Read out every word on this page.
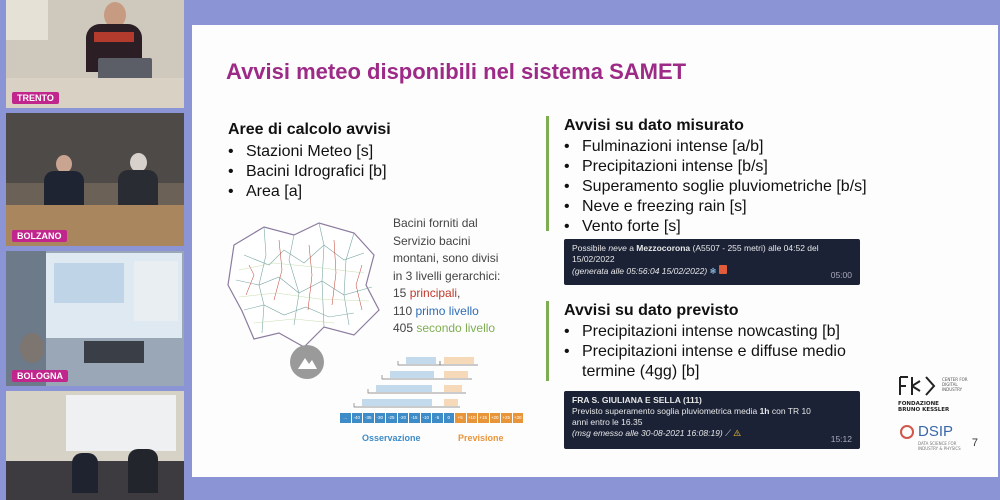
TRENTO
BOLZANO
BOLOGNA
Avvisi meteo disponibili nel sistema SAMET
Aree di calcolo avvisi
• Stazioni Meteo [s]
• Bacini Idrografici [b]
• Area [a]
Bacini forniti dal
Servizio bacini
montani, sono divisi
in 3 livelli gerarchici:
15 principali,
110 primo livello
405 secondo livello
...	-40	-35	-30	-25	-20	-15	-10	-5	0	+5	+10 +15 +20 +25 +30
Osservazione	Previsione
Avvisi su dato misurato
• Fulminazioni intense [a/b]
• Precipitazioni intense [b/s]
• Superamento soglie pluviometriche [b/s]
• Neve e freezing rain [s]
• Vento forte [s]
Possibile neve a Mezzocorona (A5507 - 255 metri) alle 04:52 del
15/02/2022
(generata alle 05:56:04 15/02/2022) ❄	05:00
Avvisi su dato previsto
• Precipitazioni intense nowcasting [b]
• Precipitazioni intense e diffuse medio
termine (4gg) [b]
FRA S. GIULIANA E SELLA (111)
Previsto superamento soglia pluviometrica media 1h con TR 10
anni entro le 16.35
(msg emesso alle 30-08-2021 16:08:19) ⟋ ⚠
15:12
FONDAZIONE
BRUNO KESSLER
CENTER FOR DIGITAL INDUSTRY
DSIP
DATA SCIENCE FOR INDUSTRY & PHYSICS	7
